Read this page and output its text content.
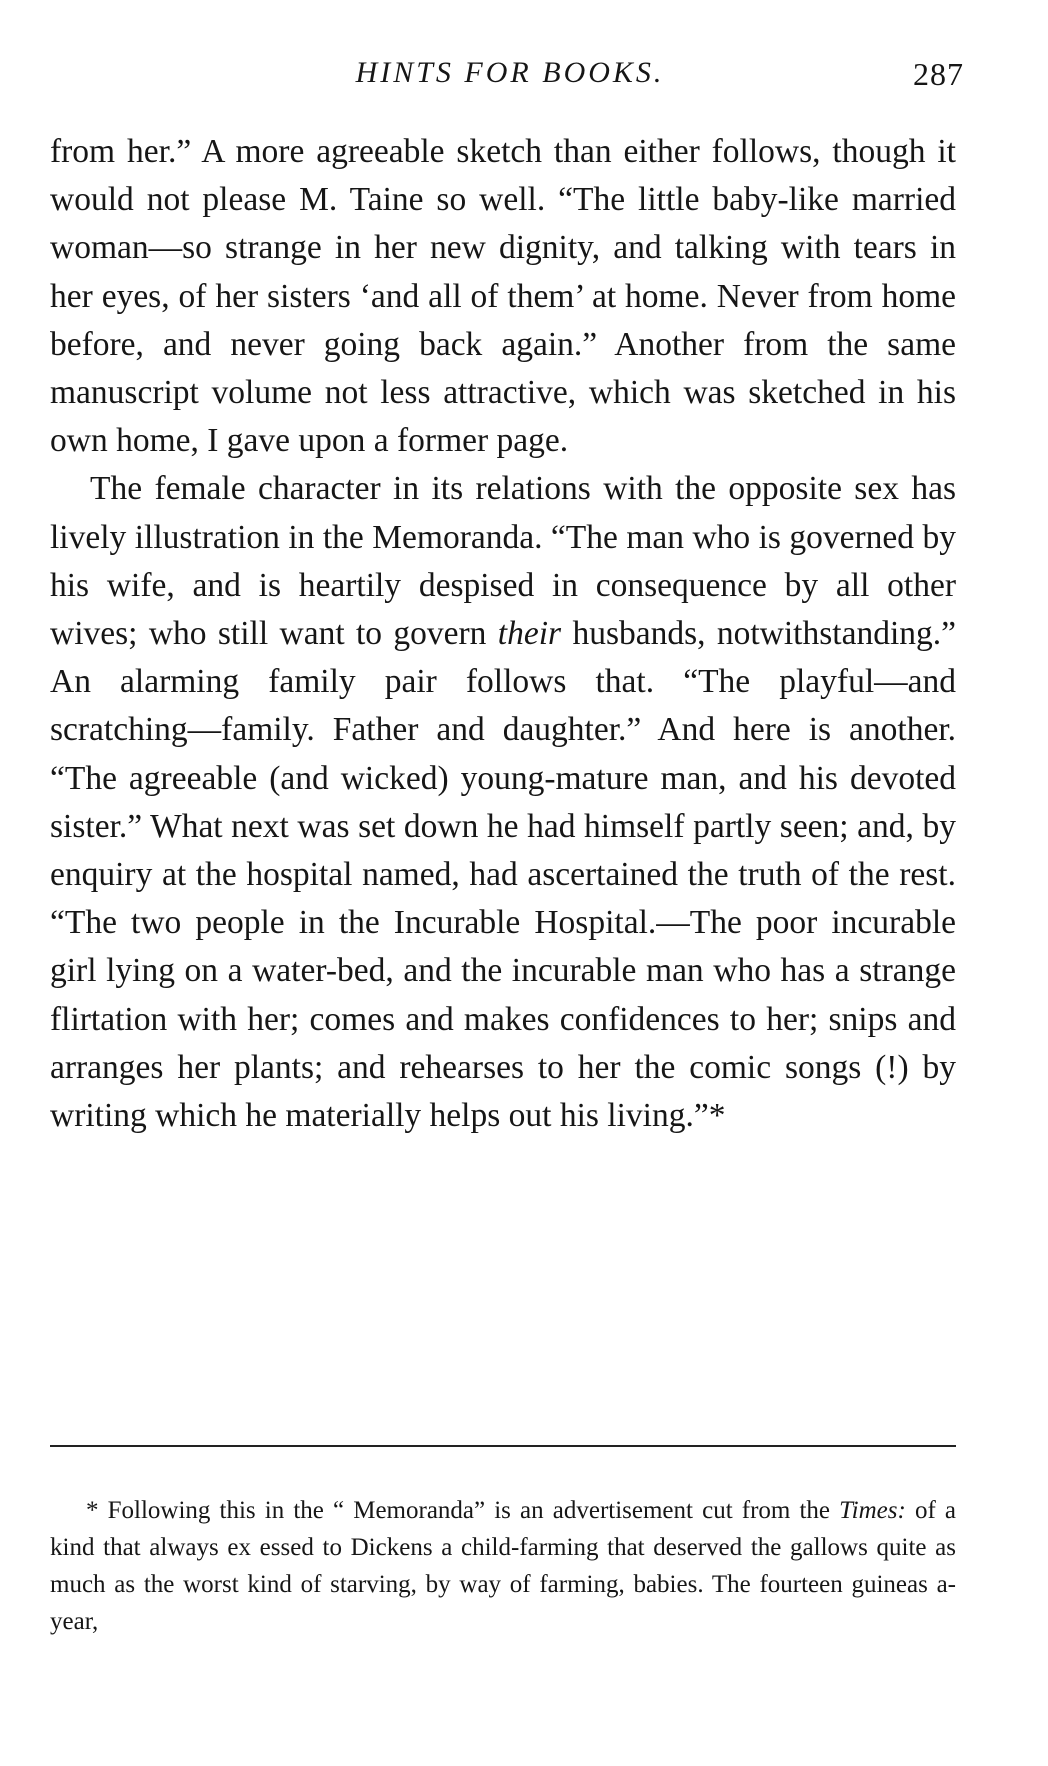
HINTS FOR BOOKS.	287

from her.” A more agreeable sketch than either follows, though it would not please M. Taine so well. “The little baby-like married woman—so strange in her new dignity, and talking with tears in her eyes, of her sisters ‘and all of them’ at home. Never from home before, and never going back again.” Another from the same manuscript volume not less attractive, which was sketched in his own home, I gave upon a former page.

The female character in its relations with the opposite sex has lively illustration in the Memoranda. “The man who is governed by his wife, and is heartily despised in consequence by all other wives; who still want to govern their husbands, notwithstanding.” An alarming family pair follows that. “The playful—and scratching—family. Father and daughter.” And here is another. “The agreeable (and wicked) young-mature man, and his devoted sister.” What next was set down he had himself partly seen; and, by enquiry at the hospital named, had ascertained the truth of the rest. “The two people in the Incurable Hospital.—The poor incurable girl lying on a water-bed, and the incurable man who has a strange flirtation with her; comes and makes confidences to her; snips and arranges her plants; and rehearses to her the comic songs (!) by writing which he materially helps out his living.”*

* Following this in the “ Memoranda” is an advertisement cut from the Times: of a kind that always ex essed to Dickens a child-farming that deserved the gallows quite as much as the worst kind of starving, by way of farming, babies. The fourteen guineas a-year,
